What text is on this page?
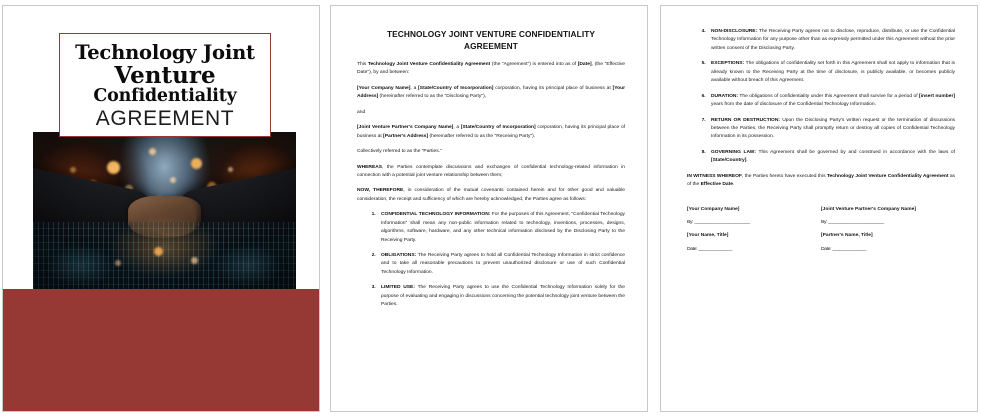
Technology Joint
Venture
Confidentiality
AGREEMENT
TECHNOLOGY JOINT VENTURE CONFIDENTIALITY AGREEMENT
This Technology Joint Venture Confidentiality Agreement (the "Agreement") is entered into as of [Date], (the "Effective Date"), by and between:
[Your Company Name], a [State/Country of Incorporation] corporation, having its principal place of business at [Your Address] (hereinafter referred to as the "Disclosing Party"),
and
[Joint Venture Partner's Company Name], a [State/Country of Incorporation] corporation, having its principal place of business at [Partner's Address] (hereinafter referred to as the "Receiving Party").
Collectively referred to as the "Parties."
WHEREAS, the Parties contemplate discussions and exchanges of confidential technology-related information in connection with a potential joint venture relationship between them;
NOW, THEREFORE, in consideration of the mutual covenants contained herein and for other good and valuable consideration, the receipt and sufficiency of which are hereby acknowledged, the Parties agree as follows:
1. CONFIDENTIAL TECHNOLOGY INFORMATION: For the purposes of this Agreement, "Confidential Technology Information" shall mean any non-public information related to technology, inventions, processes, designs, algorithms, software, hardware, and any other technical information disclosed by the Disclosing Party to the Receiving Party.
2. OBLIGATIONS: The Receiving Party agrees to hold all Confidential Technology Information in strict confidence and to take all reasonable precautions to prevent unauthorized disclosure or use of such Confidential Technology Information.
3. LIMITED USE: The Receiving Party agrees to use the Confidential Technology Information solely for the purpose of evaluating and engaging in discussions concerning the potential technology joint venture between the Parties.
4. NON-DISCLOSURE: The Receiving Party agrees not to disclose, reproduce, distribute, or use the Confidential Technology Information for any purpose other than as expressly permitted under this Agreement without the prior written consent of the Disclosing Party.
5. EXCEPTIONS: The obligations of confidentiality set forth in this Agreement shall not apply to information that is already known to the Receiving Party at the time of disclosure, is publicly available, or becomes publicly available without breach of this Agreement.
6. DURATION: The obligations of confidentiality under this Agreement shall survive for a period of [insert number] years from the date of disclosure of the Confidential Technology Information.
7. RETURN OR DESTRUCTION: Upon the Disclosing Party's written request or the termination of discussions between the Parties, the Receiving Party shall promptly return or destroy all copies of Confidential Technology Information in its possession.
8. GOVERNING LAW: This Agreement shall be governed by and construed in accordance with the laws of [State/Country].
IN WITNESS WHEREOF, the Parties hereto have executed this Technology Joint Venture Confidentiality Agreement as of the Effective Date.
[Your Company Name]
By: _______________________
[Your Name, Title]
Date: ______________
[Joint Venture Partner's Company Name]
By: _______________________
[Partner's Name, Title]
Date: ______________
